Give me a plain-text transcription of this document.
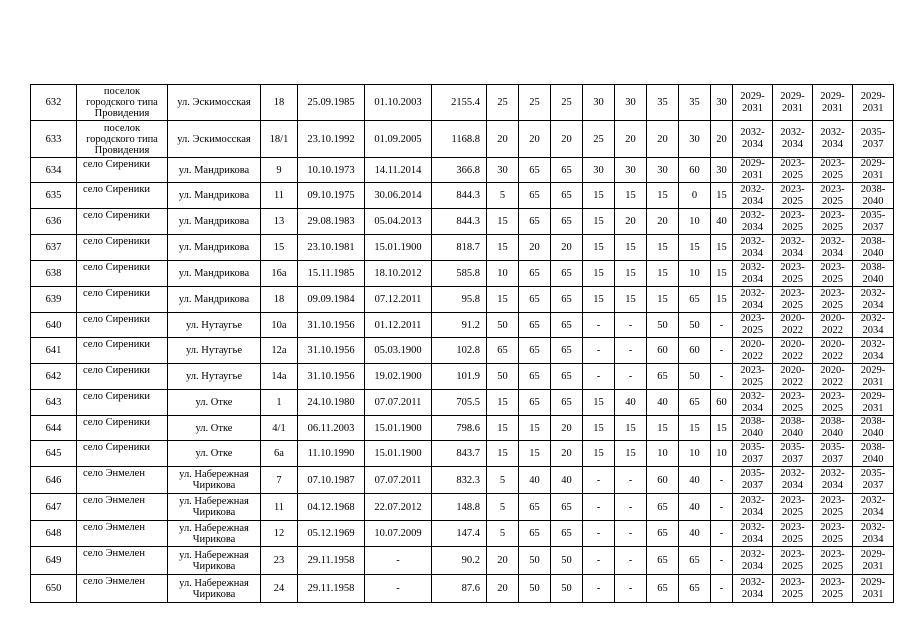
632	поселок городского типа Провидения	ул. Эскимосская	18	25.09.1985	01.10.2003	2155.4	25	25	25	30	30	35	35	30	2029-2031	2029-2031	2029-2031	2029-2031
633	поселок городского типа Провидения	ул. Эскимосская	18/1	23.10.1992	01.09.2005	1168.8	20	20	20	25	20	20	30	20	2032-2034	2032-2034	2032-2034	2035-2037
634	село Сиреники	ул. Мандрикова	9	10.10.1973	14.11.2014	366.8	30	65	65	30	30	30	60	30	2029-2031	2023-2025	2023-2025	2029-2031
635	село Сиреники	ул. Мандрикова	11	09.10.1975	30.06.2014	844.3	5	65	65	15	15	15	0	15	2032-2034	2023-2025	2023-2025	2038-2040
636	село Сиреники	ул. Мандрикова	13	29.08.1983	05.04.2013	844.3	15	65	65	15	20	20	10	40	2032-2034	2023-2025	2023-2025	2035-2037
637	село Сиреники	ул. Мандрикова	15	23.10.1981	15.01.1900	818.7	15	20	20	15	15	15	15	15	2032-2034	2032-2034	2032-2034	2038-2040
638	село Сиреники	ул. Мандрикова	16а	15.11.1985	18.10.2012	585.8	10	65	65	15	15	15	10	15	2032-2034	2023-2025	2023-2025	2038-2040
639	село Сиреники	ул. Мандрикова	18	09.09.1984	07.12.2011	95.8	15	65	65	15	15	15	65	15	2032-2034	2023-2025	2023-2025	2032-2034
640	село Сиреники	ул. Нутаугье	10а	31.10.1956	01.12.2011	91.2	50	65	65	-	-	50	50	-	2023-2025	2020-2022	2020-2022	2032-2034
641	село Сиреники	ул. Нутаугье	12а	31.10.1956	05.03.1900	102.8	65	65	65	-	-	60	60	-	2020-2022	2020-2022	2020-2022	2032-2034
642	село Сиреники	ул. Нутаугье	14а	31.10.1956	19.02.1900	101.9	50	65	65	-	-	65	50	-	2023-2025	2020-2022	2020-2022	2029-2031
643	село Сиреники	ул. Отке	1	24.10.1980	07.07.2011	705.5	15	65	65	15	40	40	65	60	2032-2034	2023-2025	2023-2025	2029-2031
644	село Сиреники	ул. Отке	4/1	06.11.2003	15.01.1900	798.6	15	15	20	15	15	15	15	15	2038-2040	2038-2040	2038-2040	2038-2040
645	село Сиреники	ул. Отке	6а	11.10.1990	15.01.1900	843.7	15	15	20	15	15	10	10	10	2035-2037	2035-2037	2035-2037	2038-2040
646	село Энмелен	ул. Набережная Чирикова	7	07.10.1987	07.07.2011	832.3	5	40	40	-	-	60	40	-	2035-2037	2032-2034	2032-2034	2035-2037
647	село Энмелен	ул. Набережная Чирикова	11	04.12.1968	22.07.2012	148.8	5	65	65	-	-	65	40	-	2032-2034	2023-2025	2023-2025	2032-2034
648	село Энмелен	ул. Набережная Чирикова	12	05.12.1969	10.07.2009	147.4	5	65	65	-	-	65	40	-	2032-2034	2023-2025	2023-2025	2032-2034
649	село Энмелен	ул. Набережная Чирикова	23	29.11.1958	-	90.2	20	50	50	-	-	65	65	-	2032-2034	2023-2025	2023-2025	2029-2031
650	село Энмелен	ул. Набережная Чирикова	24	29.11.1958	-	87.6	20	50	50	-	-	65	65	-	2032-2034	2023-2025	2023-2025	2029-2031
